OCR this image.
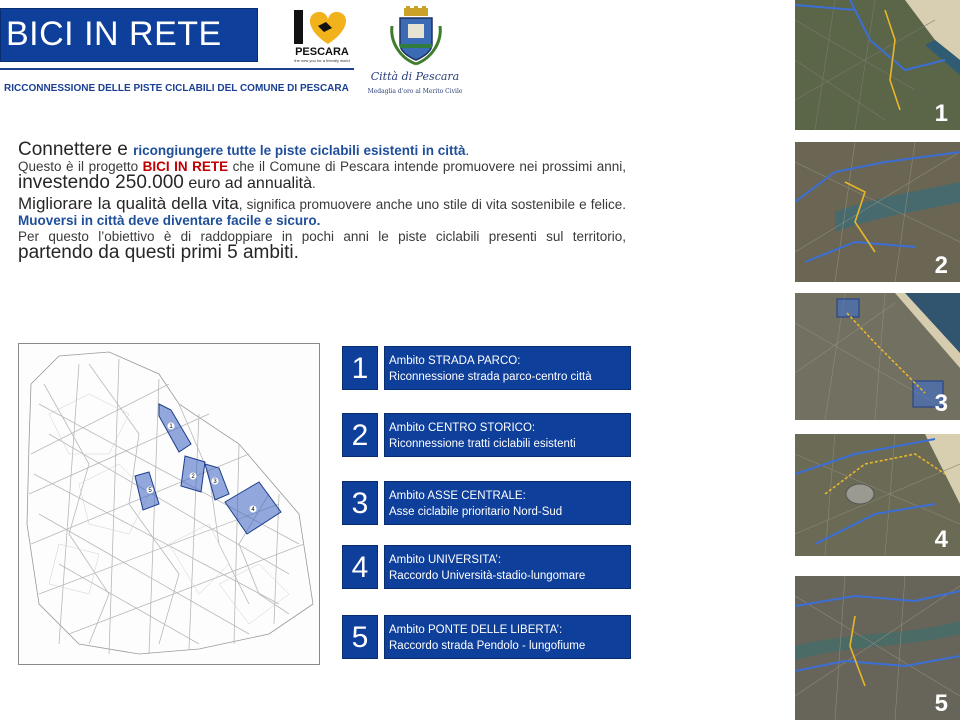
BICI IN RETE
RICCONNESSIONE DELLE PISTE CICLABILI DEL COMUNE DI PESCARA
PESCARA
the new you for a friendly world
Città di Pescara
Medaglia d'oro al Merito Civile

Connettere e ricongiungere tutte le piste ciclabili esistenti in città.

Questo è il progetto BICI IN RETE che il Comune di Pescara intende promuovere nei prossimi anni, investendo 250.000 euro ad annualità.

Migliorare la qualità della vita, significa promuovere anche uno stile di vita sostenibile e felice. Muoversi in città deve diventare facile e sicuro.

Per questo l’obiettivo è di raddoppiare in pochi anni le piste ciclabili presenti sul territorio, partendo da questi primi 5 ambiti.

1
2
3
4
5
1	Ambito STRADA PARCO:
Riconnessione strada parco-centro città
2	Ambito CENTRO STORICO:
Riconnessione tratti ciclabili esistenti
3	Ambito ASSE CENTRALE:
Asse ciclabile prioritario Nord-Sud
4	Ambito UNIVERSITA’:
Raccordo Università-stadio-lungomare
5	Ambito PONTE DELLE LIBERTA’:
Raccordo strada Pendolo - lungofiume
1
2
3
4
5
